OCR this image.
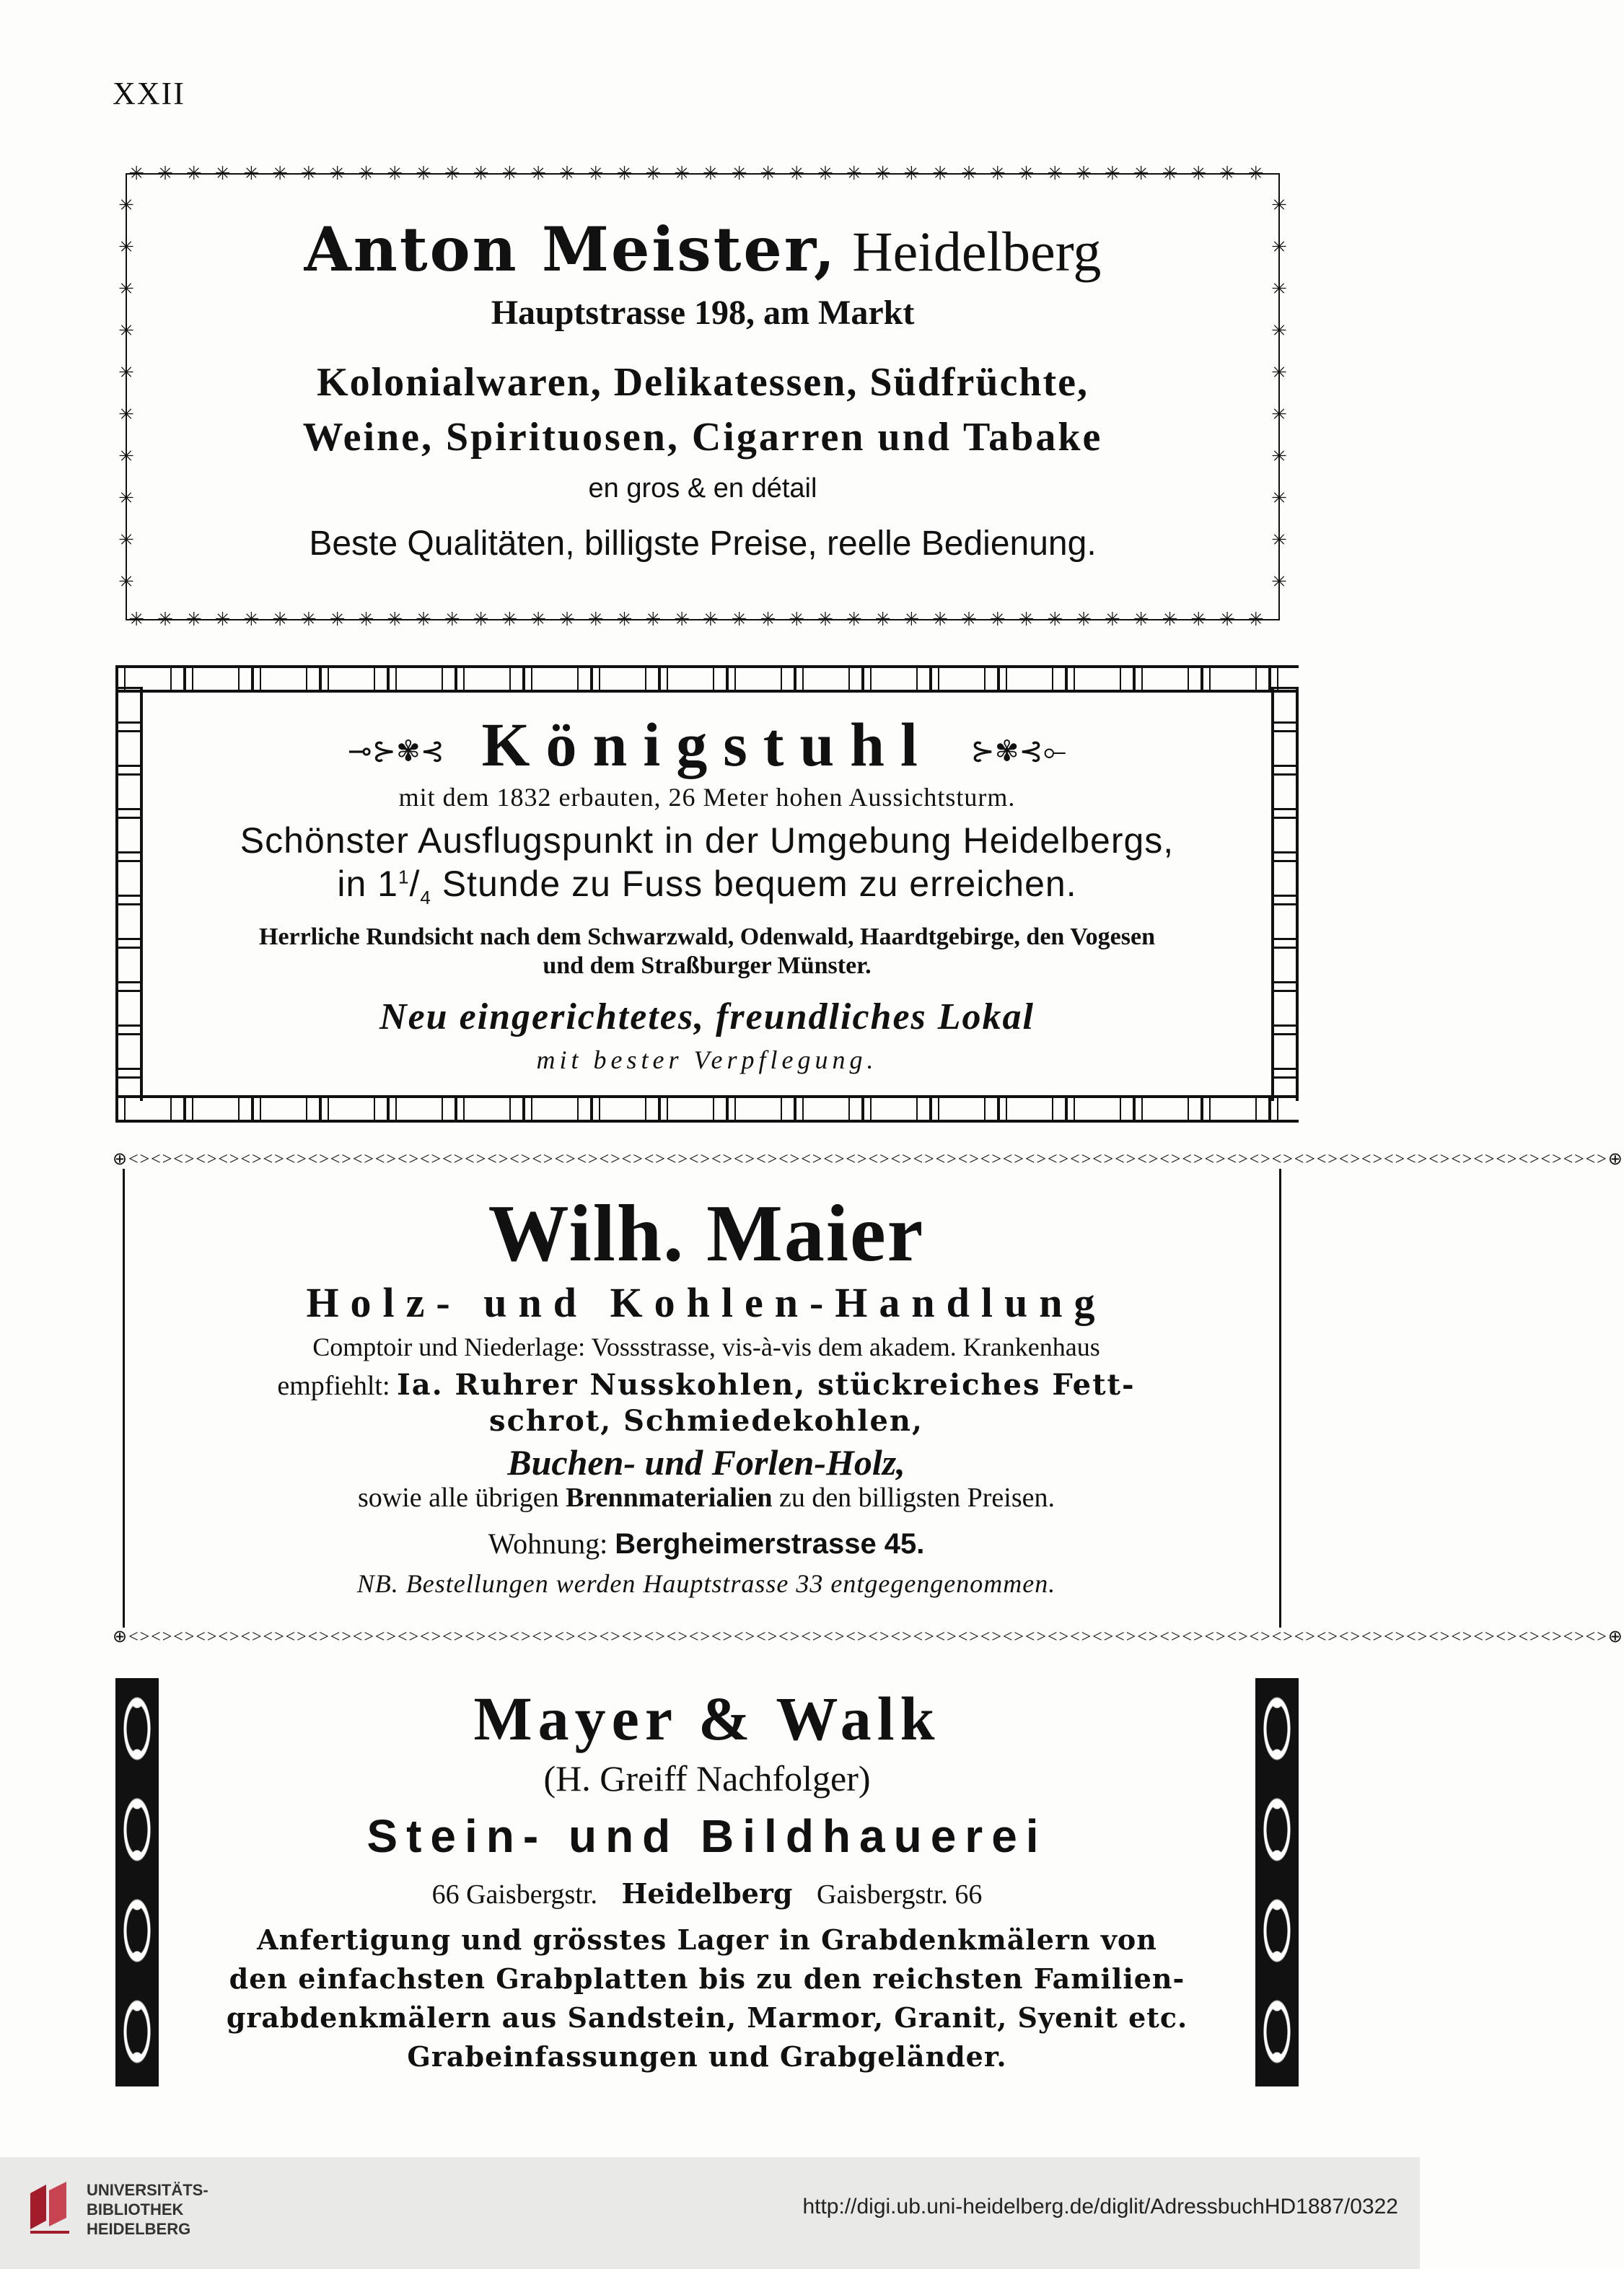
XXII
✳✳✳✳✳✳✳✳✳✳✳✳✳✳✳✳✳✳✳✳✳✳✳✳✳✳✳✳✳✳✳✳✳✳✳✳✳✳✳✳
✳✳✳✳✳✳✳✳✳✳✳✳✳✳✳✳✳✳✳✳✳✳✳✳✳✳✳✳✳✳✳✳✳✳✳✳✳✳✳✳
✳
✳
✳
✳
✳
✳
✳
✳
✳
✳
✳
✳
✳
✳
✳
✳
✳
✳
✳
✳
Anton Meister, Heidelberg
Hauptstrasse 198, am Markt
Kolonialwaren, Delikatessen, Südfrüchte,
Weine, Spirituosen, Cigarren und Tabake
en gros & en détail
Beste Qualitäten, billigste Preise, reelle Bedienung.
⊸⊱✾⊰ Königstuhl ⊱✾⊰⟜
mit dem 1832 erbauten, 26 Meter hohen Aussichtsturm.
Schönster Ausflugspunkt in der Umgebung Heidelbergs,
in $1^1/_4$ Stunde zu Fuss bequem zu erreichen.
Herrliche Rundsicht nach dem Schwarzwald, Odenwald, Haardtgebirge, den Vogesen
und dem Straßburger Münster.
Neu eingerichtetes, freundliches Lokal
mit bester Verpflegung.
⊕<><><><><><><><><><><><><><><><><><><><><><><><><><><><><><><><><><><><><><><><><><><><><><><><><><><><><><><><><><><><><><><><><><>⊕
⊕<><><><><><><><><><><><><><><><><><><><><><><><><><><><><><><><><><><><><><><><><><><><><><><><><><><><><><><><><><><><><><><><><><>⊕
Wilh. Maier
Holz- und Kohlen-Handlung
Comptoir und Niederlage: Vossstrasse, vis-à-vis dem akadem. Krankenhaus
empfiehlt: Ia. Ruhrer Nusskohlen, stückreiches Fett-
schrot, Schmiedekohlen,
Buchen- und Forlen-Holz,
sowie alle übrigen Brennmaterialien zu den billigsten Preisen.
Wohnung: Bergheimerstrasse 45.
NB. Bestellungen werden Hauptstrasse 33 entgegengenommen.
Mayer & Walk
(H. Greiff Nachfolger)
Stein- und Bildhauerei
66 Gaisbergstr. Heidelberg Gaisbergstr. 66
Anfertigung und grösstes Lager in Grabdenkmälern von
den einfachsten Grabplatten bis zu den reichsten Familien-
grabdenkmälern aus Sandstein, Marmor, Granit, Syenit etc.
Grabeinfassungen und Grabgeländer.
UNIVERSITÄTS-
BIBLIOTHEK
HEIDELBERG
http://digi.ub.uni-heidelberg.de/diglit/AdressbuchHD1887/0322
